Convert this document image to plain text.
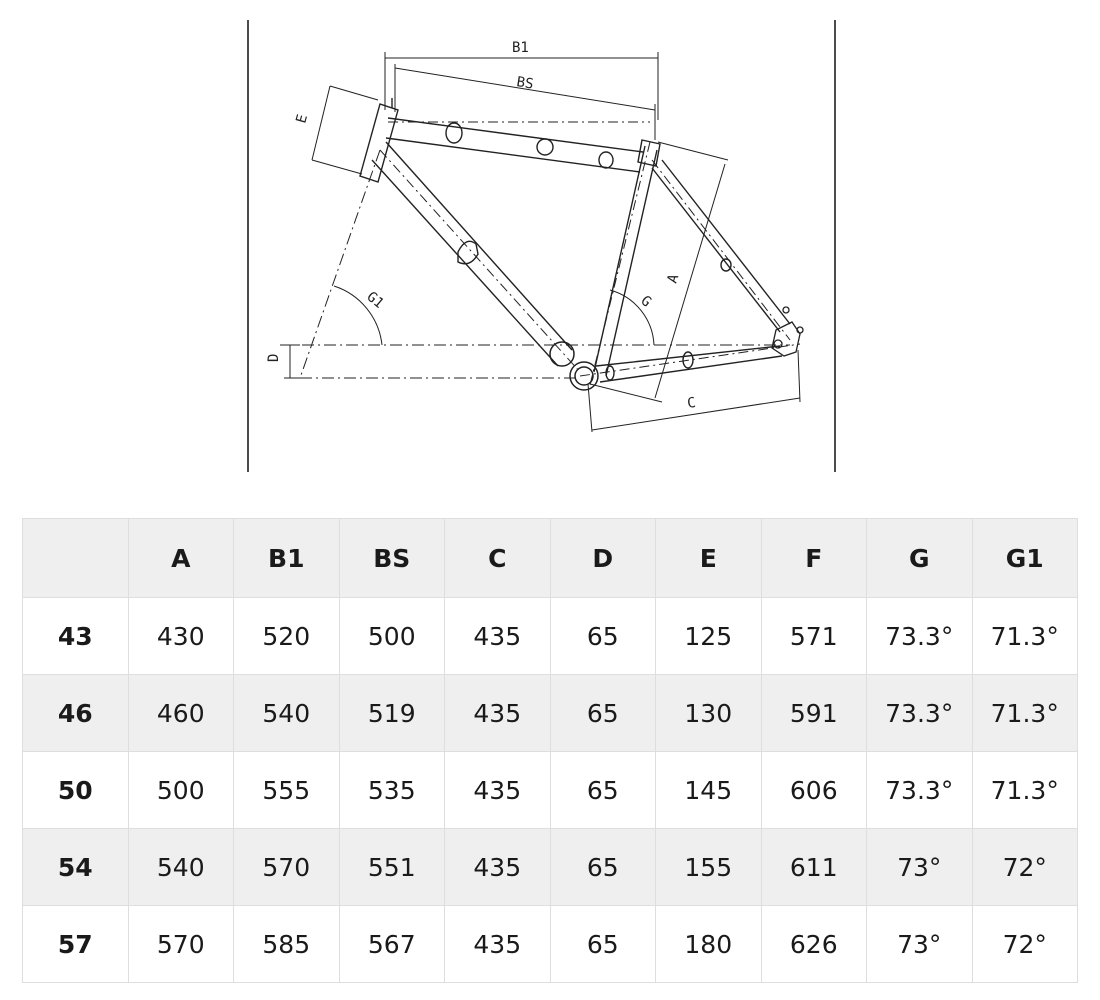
B1
BS
E
D
G1	G
A
C
	A	B1	BS	C	D	E	F	G	G1
43	430	520	500	435	65	125	571	73.3°	71.3°
46	460	540	519	435	65	130	591	73.3°	71.3°
50	500	555	535	435	65	145	606	73.3°	71.3°
54	540	570	551	435	65	155	611	73°	72°
57	570	585	567	435	65	180	626	73°	72°
